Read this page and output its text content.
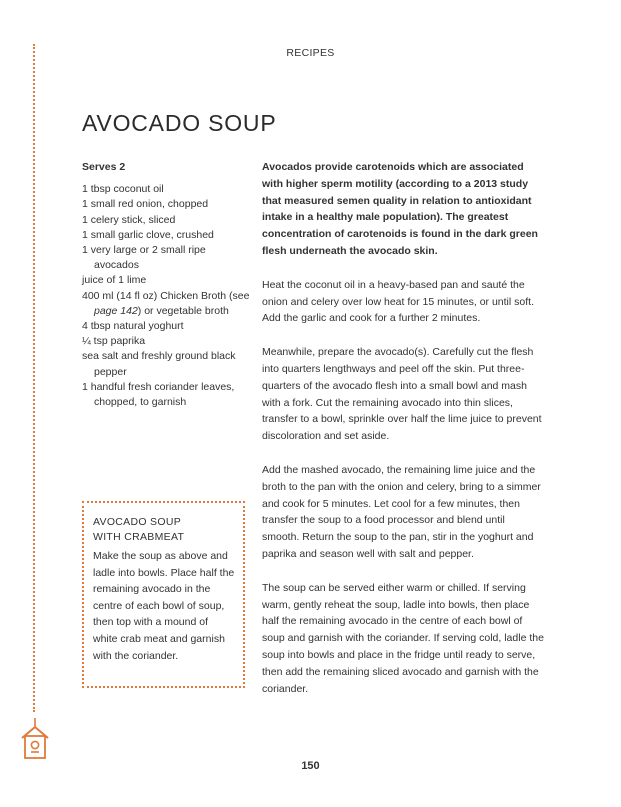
RECIPES
AVOCADO SOUP
Serves 2
1 tbsp coconut oil
1 small red onion, chopped
1 celery stick, sliced
1 small garlic clove, crushed
1 very large or 2 small ripe avocados
juice of 1 lime
400 ml (14 fl oz) Chicken Broth (see page 142) or vegetable broth
4 tbsp natural yoghurt
¼ tsp paprika
sea salt and freshly ground black pepper
1 handful fresh coriander leaves, chopped, to garnish
AVOCADO SOUP
WITH CRABMEAT
Make the soup as above and ladle into bowls. Place half the remaining avocado in the centre of each bowl of soup, then top with a mound of white crab meat and garnish with the coriander.

Avocados provide carotenoids which are associated with higher sperm motility (according to a 2013 study that measured semen quality in relation to antioxidant intake in a healthy male population). The greatest concentration of carotenoids is found in the dark green flesh underneath the avocado skin.

Heat the coconut oil in a heavy-based pan and sauté the onion and celery over low heat for 15 minutes, or until soft. Add the garlic and cook for a further 2 minutes.

Meanwhile, prepare the avocado(s). Carefully cut the flesh into quarters lengthways and peel off the skin. Put three-quarters of the avocado flesh into a small bowl and mash with a fork. Cut the remaining avocado into thin slices, transfer to a bowl, sprinkle over half the lime juice to prevent discoloration and set aside.

Add the mashed avocado, the remaining lime juice and the broth to the pan with the onion and celery, bring to a simmer and cook for 5 minutes. Let cool for a few minutes, then transfer the soup to a food processor and blend until smooth. Return the soup to the pan, stir in the yoghurt and paprika and season well with salt and pepper.

The soup can be served either warm or chilled. If serving warm, gently reheat the soup, ladle into bowls, then place half the remaining avocado in the centre of each bowl of soup and garnish with the coriander. If serving cold, ladle the soup into bowls and place in the fridge until ready to serve, then add the remaining sliced avocado and garnish with the coriander.

150
